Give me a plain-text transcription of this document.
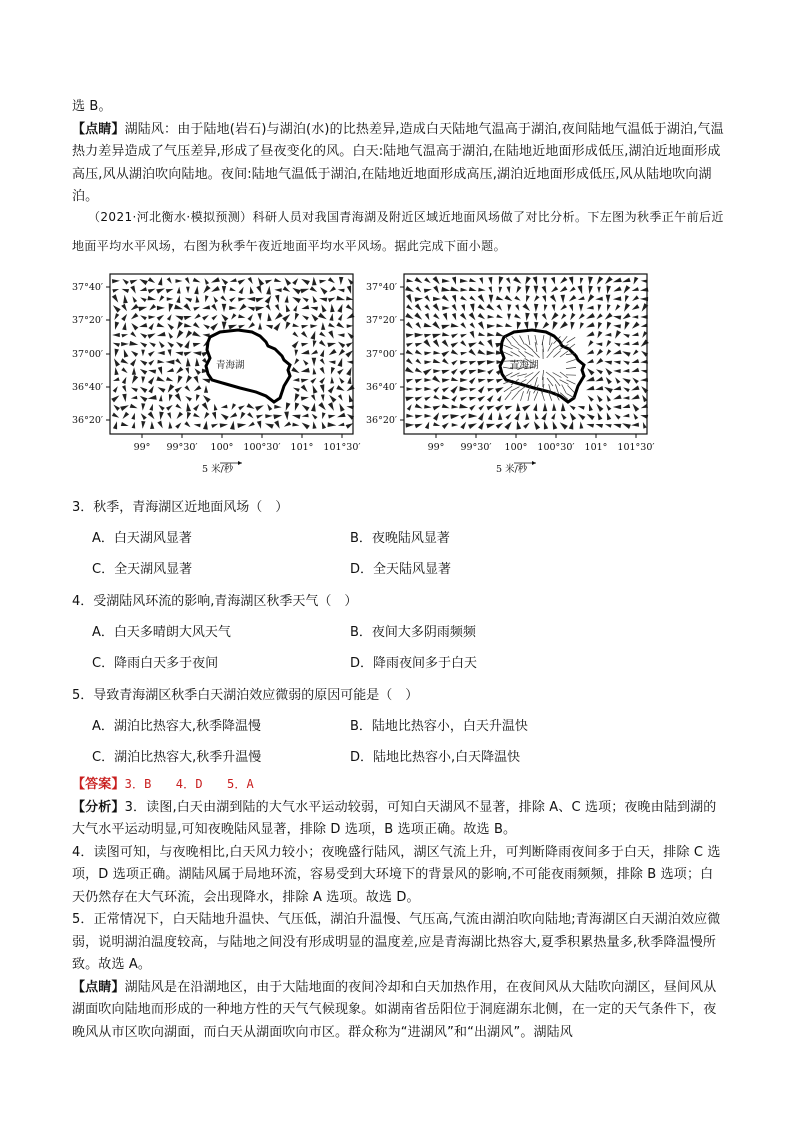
选 B。
【点睛】湖陆风：由于陆地(岩石)与湖泊(水)的比热差异,造成白天陆地气温高于湖泊,夜间陆地气温低于湖泊,气温热力差异造成了气压差异,形成了昼夜变化的风。白天:陆地气温高于湖泊,在陆地近地面形成低压,湖泊近地面形成高压,风从湖泊吹向陆地。夜间:陆地气温低于湖泊,在陆地近地面形成高压,湖泊近地面形成低压,风从陆地吹向湖泊。
（2021·河北衡水·模拟预测）科研人员对我国青海湖及附近区域近地面风场做了对比分析。下左图为秋季正午前后近地面平均水平风场，右图为秋季午夜近地面平均水平风场。据此完成下面小题。
青海湖
37°40′
37°20′
37°00′
36°40′
36°20′
99° 99°30′ 100° 100°30′ 101° 101°30′
5 米/秒
青海湖
37°40′
37°20′
37°00′
36°40′
36°20′
99° 99°30′ 100° 100°30′ 101° 101°30′
5 米/秒
3．秋季，青海湖区近地面风场（　）
A．白天湖风显著	B．夜晚陆风显著
C．全天湖风显著	D．全天陆风显著
4．受湖陆风环流的影响,青海湖区秋季天气（　）
A．白天多晴朗大风天气	B．夜间大多阴雨频频
C．降雨白天多于夜间	D．降雨夜间多于白天
5．导致青海湖区秋季白天湖泊效应微弱的原因可能是（　）
A．湖泊比热容大,秋季降温慢	B．陆地比热容小，白天升温快
C．湖泊比热容大,秋季升温慢	D．陆地比热容小,白天降温快
【答案】3．B　　4．D　　5．A
【分析】3．读图,白天由湖到陆的大气水平运动较弱，可知白天湖风不显著，排除 A、C 选项；夜晚由陆到湖的大气水平运动明显,可知夜晚陆风显著，排除 D 选项，B 选项正确。故选 B。
4．读图可知，与夜晚相比,白天风力较小；夜晚盛行陆风，湖区气流上升，可判断降雨夜间多于白天，排除 C 选项，D 选项正确。湖陆风属于局地环流，容易受到大环境下的背景风的影响,不可能夜雨频频，排除 B 选项；白天仍然存在大气环流，会出现降水，排除 A 选项。故选 D。
5．正常情况下，白天陆地升温快、气压低，湖泊升温慢、气压高,气流由湖泊吹向陆地;青海湖区白天湖泊效应微弱，说明湖泊温度较高，与陆地之间没有形成明显的温度差,应是青海湖比热容大,夏季积累热量多,秋季降温慢所致。故选 A。
【点睛】湖陆风是在沿湖地区，由于大陆地面的夜间冷却和白天加热作用，在夜间风从大陆吹向湖区，昼间风从湖面吹向陆地而形成的一种地方性的天气气候现象。如湖南省岳阳位于洞庭湖东北侧，在一定的天气条件下，夜晚风从市区吹向湖面，而白天从湖面吹向市区。群众称为“进湖风”和“出湖风”。湖陆风
